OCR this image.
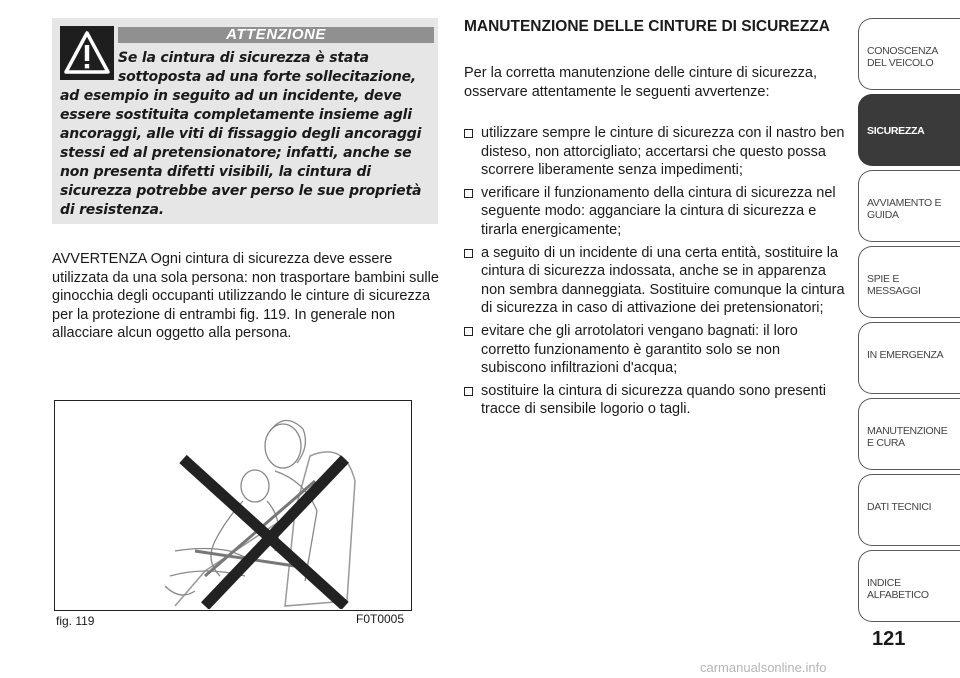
ATTENZIONE
Se la cintura di sicurezza è stata
sottoposta ad una forte sollecitazione,
ad esempio in seguito ad un incidente, deve
essere sostituita completamente insieme agli
ancoraggi, alle viti di fissaggio degli ancoraggi
stessi ed al pretensionatore; infatti, anche se
non presenta difetti visibili, la cintura di
sicurezza potrebbe aver perso le sue proprietà
di resistenza.

AVVERTENZA Ogni cintura di sicurezza deve essere utilizzata da una sola persona: non trasportare bambini sulle ginocchia degli occupanti utilizzando le cinture di sicurezza per la protezione di entrambi fig. 119. In generale non allacciare alcun oggetto alla persona.

fig. 119	F0T0005
MANUTENZIONE DELLE CINTURE DI SICUREZZA

Per la corretta manutenzione delle cinture di sicurezza, osservare attentamente le seguenti avvertenze:

utilizzare sempre le cinture di sicurezza con il nastro ben disteso, non attorcigliato; accertarsi che questo possa scorrere liberamente senza impedimenti;
verificare il funzionamento della cintura di sicurezza nel seguente modo: agganciare la cintura di sicurezza e tirarla energicamente;
a seguito di un incidente di una certa entità, sostituire la cintura di sicurezza indossata, anche se in apparenza non sembra danneggiata. Sostituire comunque la cintura di sicurezza in caso di attivazione dei pretensionatori;
evitare che gli arrotolatori vengano bagnati: il loro corretto funzionamento è garantito solo se non subiscono infiltrazioni d'acqua;
sostituire la cintura di sicurezza quando sono presenti tracce di sensibile logorio o tagli.
CONOSCENZA DEL VEICOLO
SICUREZZA
AVVIAMENTO E GUIDA
SPIE E MESSAGGI
IN EMERGENZA
MANUTENZIONE E CURA
DATI TECNICI
INDICE ALFABETICO
121
carmanualsonline.info
